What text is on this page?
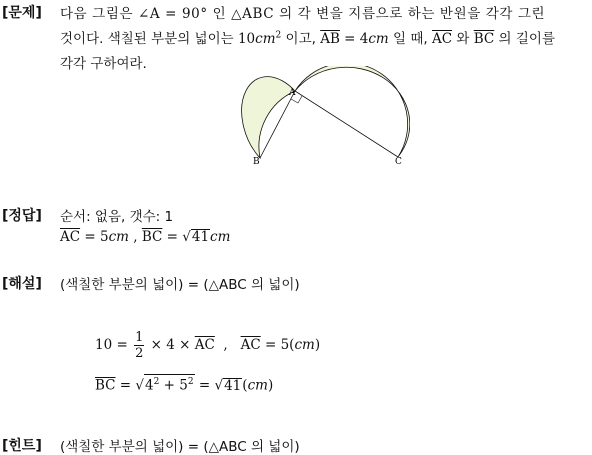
[문제] 다음 그림은 ∠A = 90° 인 △ABC 의 각 변을 지름으로 하는 반원을 각각 그린
것이다. 색칠된 부분의 넓이는 $10cm^2$ 이고, $\overline{AB} = 4cm$ 일 때, $\overline{AC}$ 와 $\overline{BC}$ 의 길이를
각각 구하여라.
A
B	C
[정답] 순서: 없음, 갯수: 1
$\overline{AC} = 5cm$ , $\overline{BC} = √41cm$
[해설] (색칠한 부분의 넓이) = (△ABC 의 넓이)
$10 = \frac{1}{2} \times 4 \times \overline{AC}$  ,   $\overline{AC} = 5(cm)$
$\overline{BC} = √4^2 + 5^2 = √41(cm)$
[힌트] (색칠한 부분의 넓이) = (△ABC 의 넓이)
